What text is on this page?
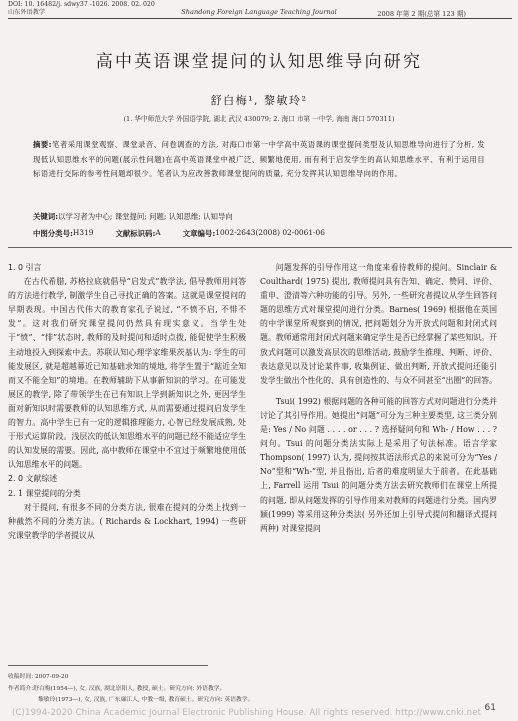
DOI: 10. 16482/j. sdwy37 -1026. 2008. 02. 020
山东外语教学	Shandong Foreign Language Teaching Journal	2008 年第 2 期(总第 123 期)
高中英语课堂提问的认知思维导向研究
舒白梅¹, 黎敏玲²
(1. 华中师范大学 外国语学院, 湖北 武汉 430079; 2. 海口 市第 一中学, 海南 海口 570311)

摘要:笔者采用课堂观察、课堂录音、问卷调查的方法, 对海口市第一中学高中英语课的课堂提问类型及认知思维导向进行了分析, 发现低认知思维水平的问题(展示性问题)在高中英语课堂中被广泛、频繁地使用, 而有利于启发学生的高认知思维水平、有利于运用目标语进行交际的参考性问题却很少。笔者认为应改善教师课堂提问的质量, 充分发挥其认知思维导向的作用。

关键词:以学习者为中心; 课堂提问; 问题; 认知思维; 认知导向
中图分类号: H319	文献标识码: A	文章编号: 1002-2643(2008) 02-0061-06

1. 0 引言

在古代希腊, 苏格拉底就倡导“启发式”教学法, 倡导教师用问答的方法进行教学, 制激学生自己寻找正确的答案。这就是课堂提问的早期表现。中国古代伟大的教育家孔子说过, “不愤不启, 不悱不发”。这对我们研究课堂提问仍然具有现实意义。当学生处于“愤”、“悱”状态时, 教师的及时提问和适时点拨, 能促使学生积极主动地投入到探索中去。苏联认知心理学家维果茨基认为: 学生的可能发展区, 就是超越幕近已知基础求知的境地, 将学生置于“踮近全知而又不能全知”的境地。在教师辅助下从事新知识的学习。在可能发展区的教学, 除了带领学生在已有知识上学到新知识之外, 更因学生面对新知识时需要教师的认知思维方式, 从而需要通过提问启发学生的智力。高中学生已有一定的逻辑推理能力, 心智已经发展成熟, 处于形式运算阶段。浅层次的低认知思维水平的问题已经不能适应学生的认知发展的需要。因此, 高中教师在课堂中不宜过于频繁地使用低认知思维水平的问题。

2. 0 文献综述

2. 1 课堂提问的分类

对于提问, 有很多不同的分类方法, 很难在提问的分类上找到一种截然不同的分类方法。( Richards & Lockhart, 1994) 一些研究课堂教学的学者提议从

问题发挥的引导作用这一角度来看待教师的提问。Sinclair & Coulthard( 1975) 提出, 教师提问具有告知、确定、赞同、评价、重申、澄清等六种功能的引导。另外, 一些研究者提议从学生回答问题的思维方式对课堂提问进行分类。Barnes( 1969) 根据他在英国的中学课堂所观察到的情况, 把问题划分为开放式问题和封闭式问题。教师通常用封闭式问题来确定学生是否已经掌握了某些知识。开放式问题可以激发高层次的思维活动, 鼓励学生推理、判断、评价、表达意见以及讨论某件事, 收集例证、做出判断, 开放式提问还能引发学生做出个性化的、具有创造性的、与众不同甚至“出圈”的回答。

Tsui( 1992) 根据问题的各种可能的回答方式对问题进行分类并讨论了其引导作用。她提出“问题”可分为三种主要类型, 这三类分别是: Yes / No 问题 . . . . or . . . ? 选择疑问句和 Wh- / How . . . ? 问句。Tsui 的问题分类法实际上是采用了句法标准。语言学家Thompson( 1997) 认为, 提问按其语法形式总的来说可分为“Yes / No”型和“Wh-”型, 并且指出, 后者的难度明显大于前者。在此基础上, Farrell 运用 Tsui 的问题分类方法去研究教师们在课堂上所提的问题, 即从问题发挥的引导作用来对教师的问题进行分类。国内罗颖(1999) 等采用这种分类法( 另外还加上引导式提问和翻译式提问两种) 对课堂提问

收稿时间: 2007-09-20
作者简介:舒白梅(1954—), 女, 汉族, 湖北崇阳人, 教授, 硕士。研究方向: 外语教学。
黎敏玲(1973—), 女, 汉族, 广东廉江人, 中教一级, 教育硕士。研究方向: 英语教学。
61
(C)1994-2020 China Academic Journal Electronic Publishing House. All rights reserved. http://www.cnki.net
